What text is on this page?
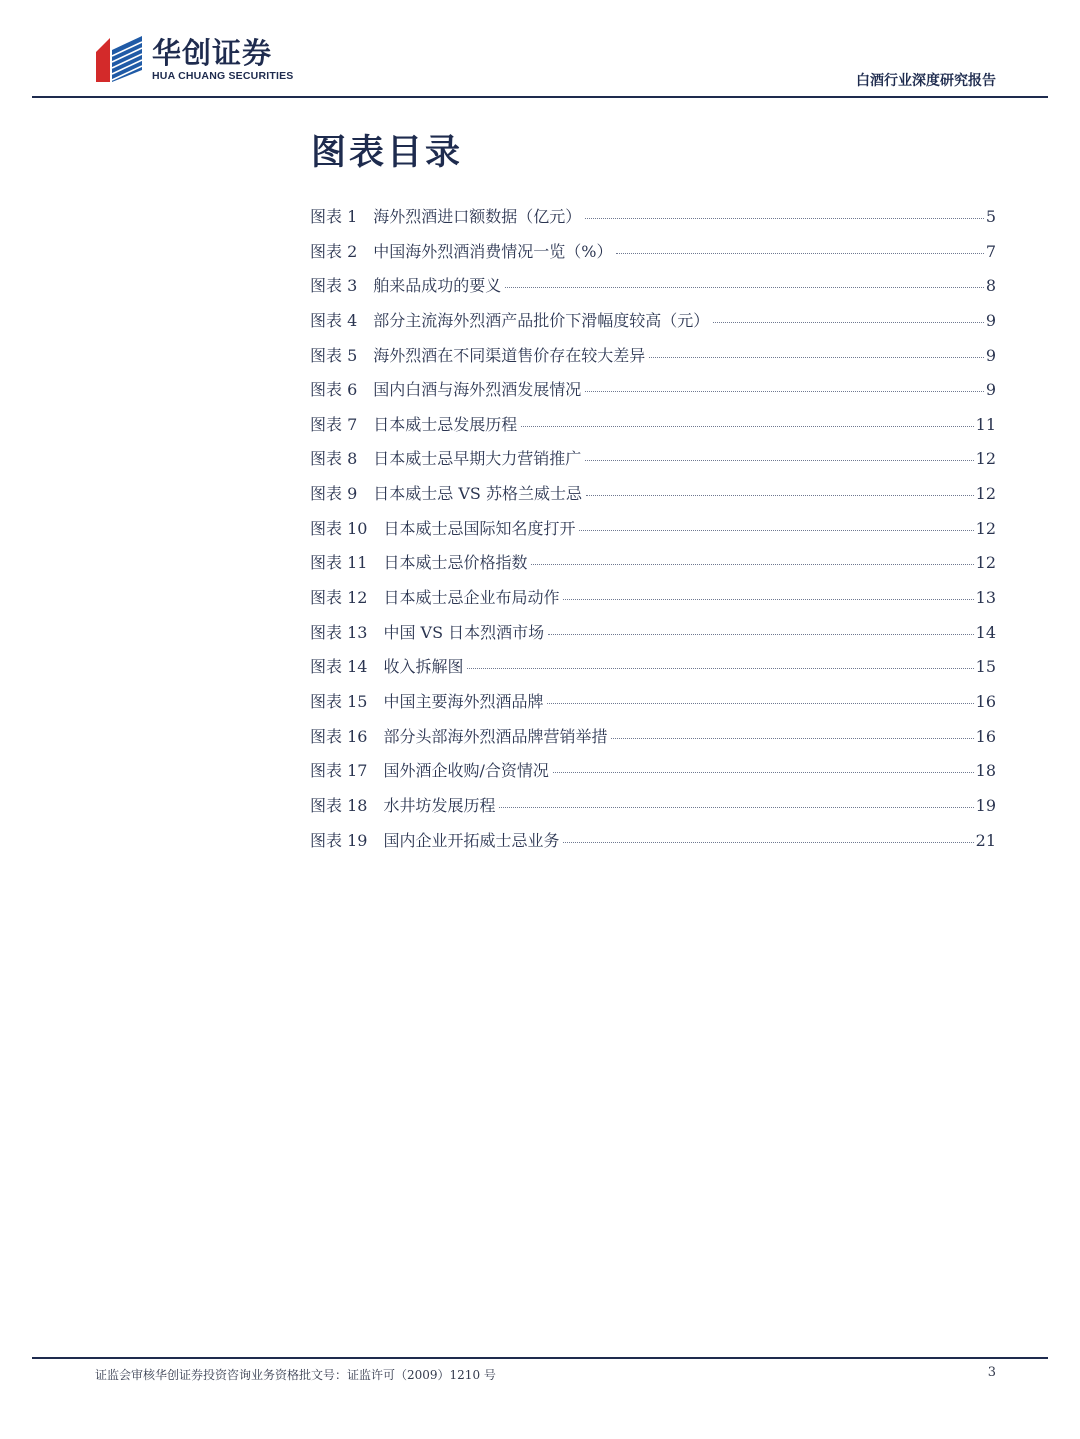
华创证券
HUA CHUANG SECURITIES	白酒行业深度研究报告
图表目录
图表 1　海外烈酒进口额数据（亿元）	5
图表 2　中国海外烈酒消费情况一览（%）	7
图表 3　舶来品成功的要义	8
图表 4　部分主流海外烈酒产品批价下滑幅度较高（元）	9
图表 5　海外烈酒在不同渠道售价存在较大差异	9
图表 6　国内白酒与海外烈酒发展情况	9
图表 7　日本威士忌发展历程	11
图表 8　日本威士忌早期大力营销推广	12
图表 9　日本威士忌 VS 苏格兰威士忌	12
图表 10　日本威士忌国际知名度打开	12
图表 11　日本威士忌价格指数	12
图表 12　日本威士忌企业布局动作	13
图表 13　中国 VS 日本烈酒市场	14
图表 14　收入拆解图	15
图表 15　中国主要海外烈酒品牌	16
图表 16　部分头部海外烈酒品牌营销举措	16
图表 17　国外酒企收购/合资情况	18
图表 18　水井坊发展历程	19
图表 19　国内企业开拓威士忌业务	21
证监会审核华创证券投资咨询业务资格批文号：证监许可（2009）1210 号	3
